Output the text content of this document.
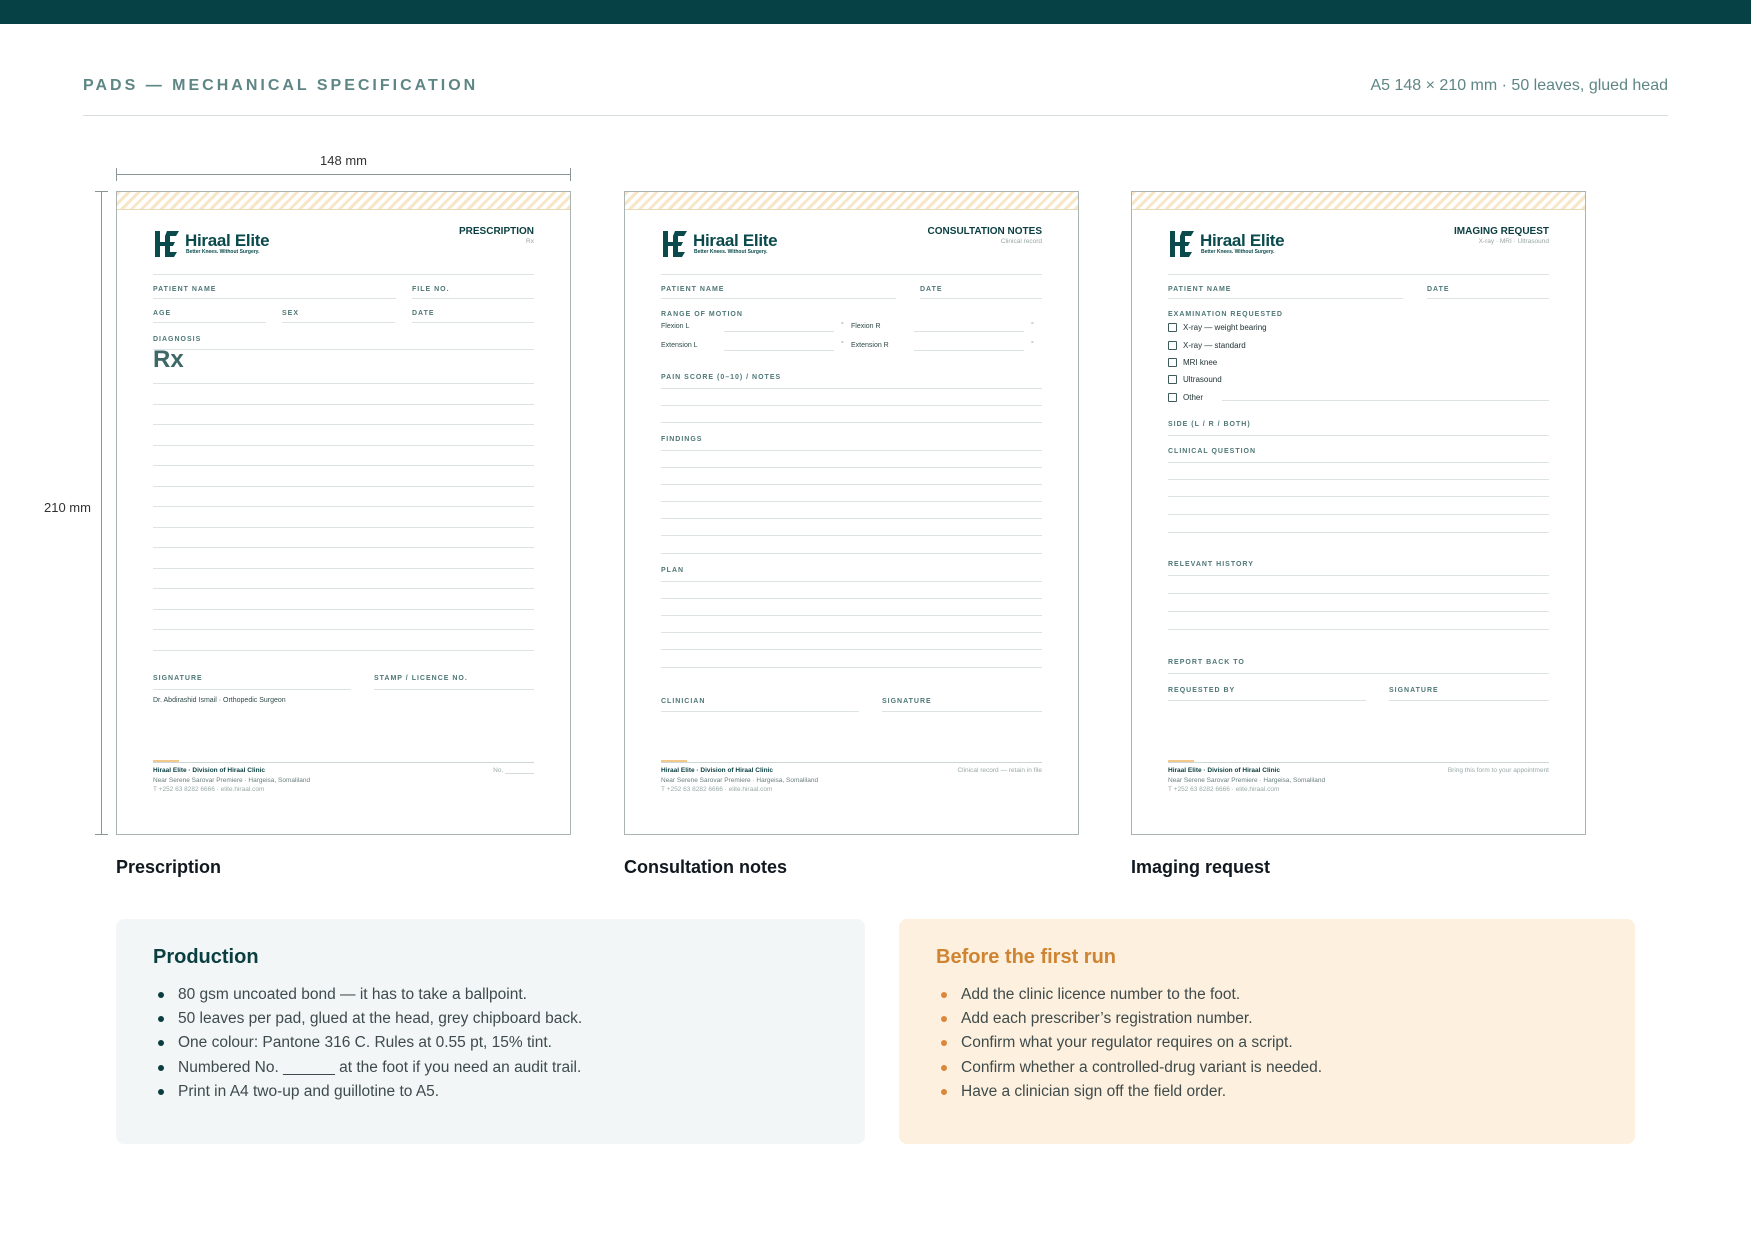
PADS — MECHANICAL SPECIFICATION	A5 148 × 210 mm · 50 leaves, glued head
148 mm
210 mm
Hiraal Elite
Better Knees. Without Surgery.
PRESCRIPTION
Rx
PATIENT NAME	FILE NO.
AGE	SEX	DATE
DIAGNOSIS
Rx
SIGNATURE	STAMP / LICENCE NO.
Dr. Abdirashid Ismail · Orthopedic Surgeon
Hiraal Elite · Division of Hiraal Clinic
Near Serene Sarovar Premiere · Hargeisa, Somaliland
T +252 63 8282 6666 · elite.hiraal.com
No. ________
Hiraal Elite
Better Knees. Without Surgery.
CONSULTATION NOTES
Clinical record
PATIENT NAME	DATE
RANGE OF MOTION
Flexion L	° Flexion R	°
Extension L	° Extension R	°
PAIN SCORE (0–10) / NOTES
FINDINGS
PLAN
CLINICIAN	SIGNATURE
Hiraal Elite · Division of Hiraal Clinic
Near Serene Sarovar Premiere · Hargeisa, Somaliland
T +252 63 8282 6666 · elite.hiraal.com
Clinical record — retain in file
Hiraal Elite
Better Knees. Without Surgery.
IMAGING REQUEST
X-ray · MRI · Ultrasound
PATIENT NAME	DATE
EXAMINATION REQUESTED
X-ray — weight bearing
X-ray — standard
MRI knee
Ultrasound
Other
SIDE (L / R / BOTH)
CLINICAL QUESTION
RELEVANT HISTORY
REPORT BACK TO
REQUESTED BY	SIGNATURE
Hiraal Elite · Division of Hiraal Clinic
Near Serene Sarovar Premiere · Hargeisa, Somaliland
T +252 63 8282 6666 · elite.hiraal.com
Bring this form to your appointment
Prescription	Consultation notes	Imaging request
Production
80 gsm uncoated bond — it has to take a ballpoint.
50 leaves per pad, glued at the head, grey chipboard back.
One colour: Pantone 316 C. Rules at 0.55 pt, 15% tint.
Numbered No. ______ at the foot if you need an audit trail.
Print in A4 two-up and guillotine to A5.
Before the first run
Add the clinic licence number to the foot.
Add each prescriber’s registration number.
Confirm what your regulator requires on a script.
Confirm whether a controlled-drug variant is needed.
Have a clinician sign off the field order.
